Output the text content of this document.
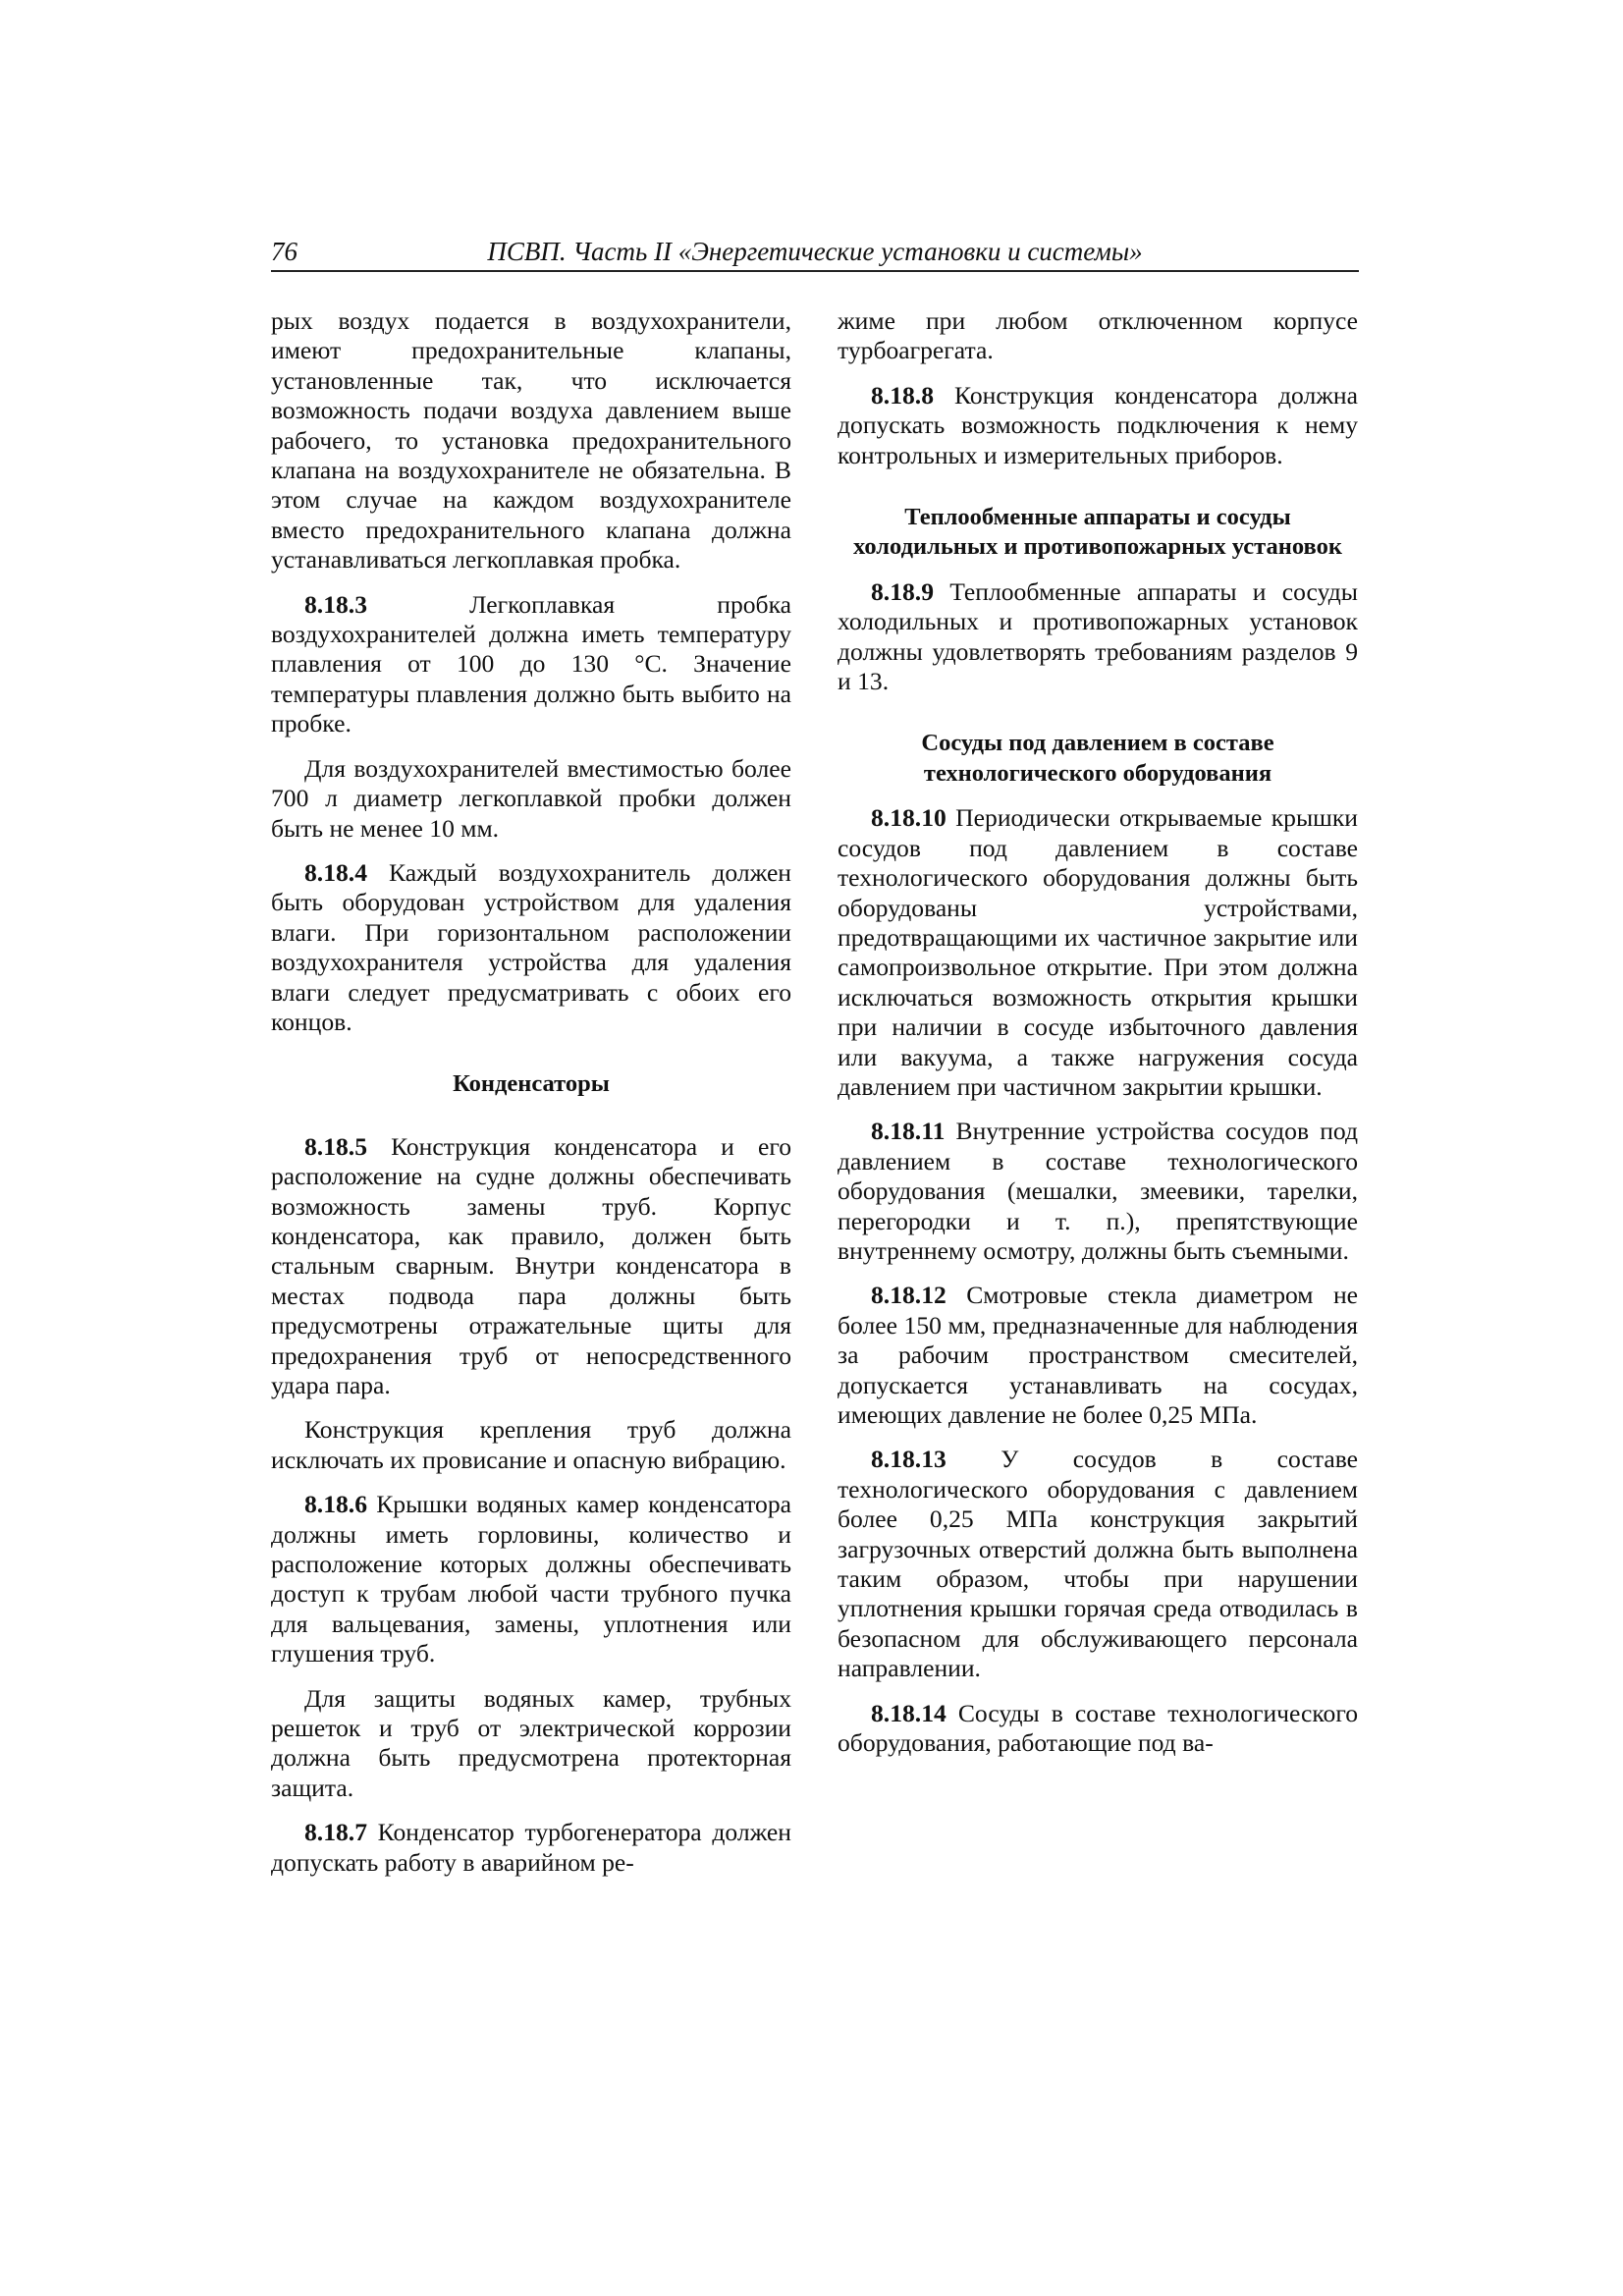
76	ПСВП. Часть II «Энергетические установки и системы»

рых воздух подается в воздухохранители, имеют предохранительные клапаны, установленные так, что исключается возможность подачи воздуха давлением выше рабочего, то установка предохранительного клапана на воздухохранителе не обязательна. В этом случае на каждом воздухохранителе вместо предохранительного клапана должна устанавливаться легкоплавкая пробка.

8.18.3 Легкоплавкая пробка воздухохранителей должна иметь температуру плавления от 100 до 130 °С. Значение температуры плавления должно быть выбито на пробке.

Для воздухохранителей вместимостью более 700 л диаметр легкоплавкой пробки должен быть не менее 10 мм.

8.18.4 Каждый воздухохранитель должен быть оборудован устройством для удаления влаги. При горизонтальном расположении воздухохранителя устройства для удаления влаги следует предусматривать с обоих его концов.

Конденсаторы

8.18.5 Конструкция конденсатора и его расположение на судне должны обеспечивать возможность замены труб. Корпус конденсатора, как правило, должен быть стальным сварным. Внутри конденсатора в местах подвода пара должны быть предусмотрены отражательные щиты для предохранения труб от непосредственного удара пара.

Конструкция крепления труб должна исключать их провисание и опасную вибрацию.

8.18.6 Крышки водяных камер конденсатора должны иметь горловины, количество и расположение которых должны обеспечивать доступ к трубам любой части трубного пучка для вальцевания, замены, уплотнения или глушения труб.

Для защиты водяных камер, трубных решеток и труб от электрической коррозии должна быть предусмотрена протекторная защита.

8.18.7 Конденсатор турбогенератора должен допускать работу в аварийном ре-

жиме при любом отключенном корпусе турбоагрегата.

8.18.8 Конструкция конденсатора должна допускать возможность подключения к нему контрольных и измерительных приборов.

Теплообменные аппараты и сосуды
холодильных и противопожарных установок

8.18.9 Теплообменные аппараты и сосуды холодильных и противопожарных установок должны удовлетворять требованиям разделов 9 и 13.

Сосуды под давлением в составе
технологического оборудования

8.18.10 Периодически открываемые крышки сосудов под давлением в составе технологического оборудования должны быть оборудованы устройствами, предотвращающими их частичное закрытие или самопроизвольное открытие. При этом должна исключаться возможность открытия крышки при наличии в сосуде избыточного давления или вакуума, а также нагружения сосуда давлением при частичном закрытии крышки.

8.18.11 Внутренние устройства сосудов под давлением в составе технологического оборудования (мешалки, змеевики, тарелки, перегородки и т. п.), препятствующие внутреннему осмотру, должны быть съемными.

8.18.12 Смотровые стекла диаметром не более 150 мм, предназначенные для наблюдения за рабочим пространством смесителей, допускается устанавливать на сосудах, имеющих давление не более 0,25 МПа.

8.18.13 У сосудов в составе технологического оборудования с давлением более 0,25 МПа конструкция закрытий загрузочных отверстий должна быть выполнена таким образом, чтобы при нарушении уплотнения крышки горячая среда отводилась в безопасном для обслуживающего персонала направлении.

8.18.14 Сосуды в составе технологического оборудования, работающие под ва-
